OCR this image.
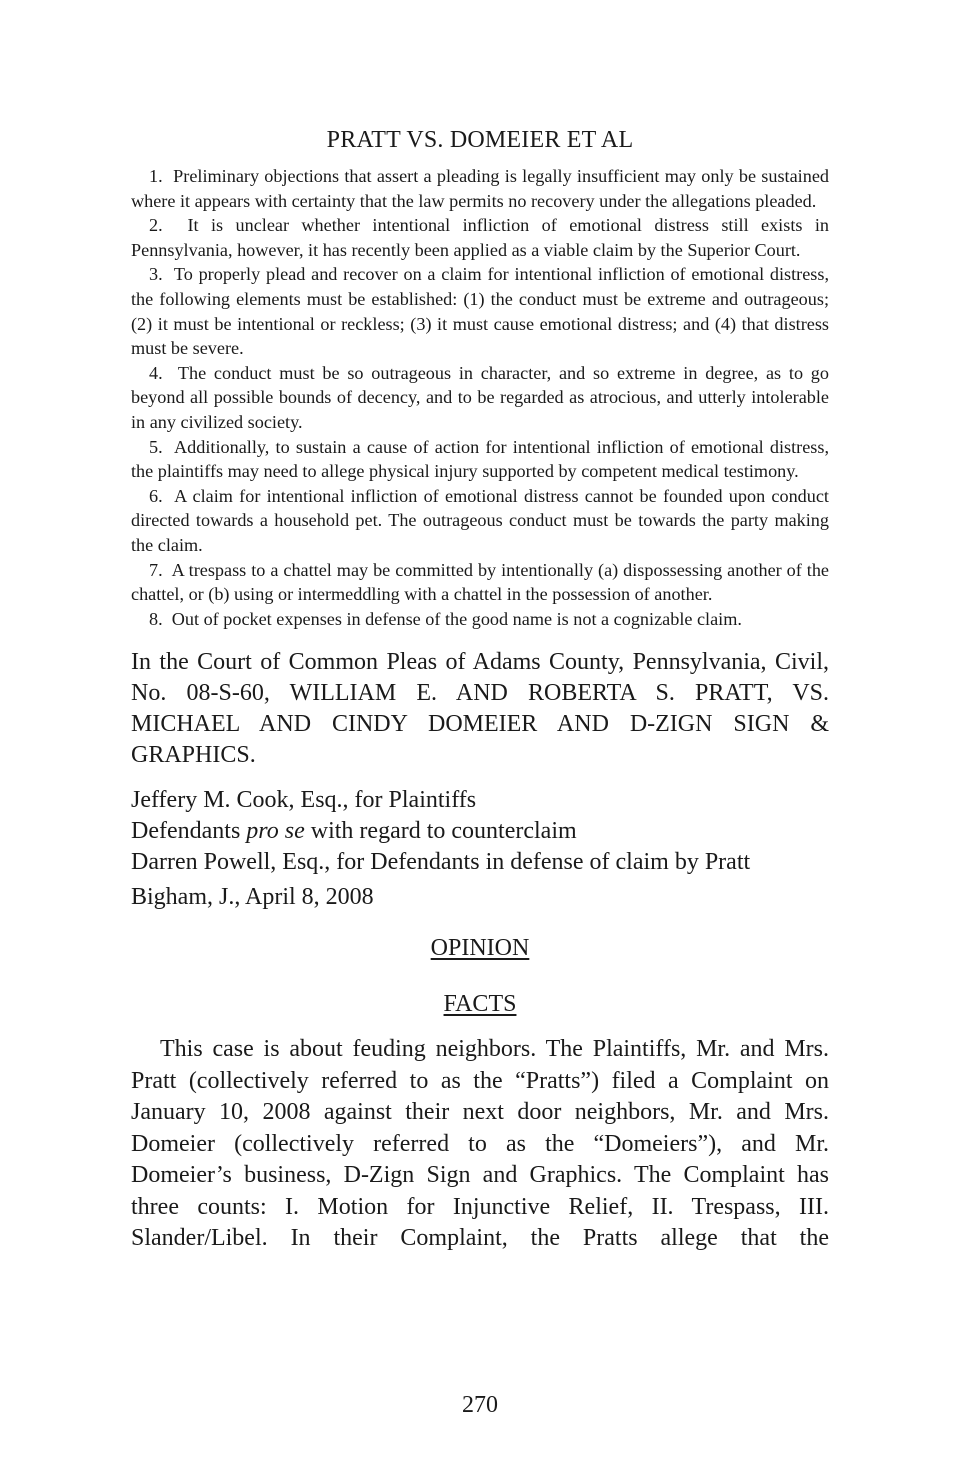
PRATT VS. DOMEIER ET AL

1. Preliminary objections that assert a pleading is legally insufficient may only be sustained where it appears with certainty that the law permits no recovery under the allegations pleaded.

2. It is unclear whether intentional infliction of emotional distress still exists in Pennsylvania, however, it has recently been applied as a viable claim by the Superior Court.

3. To properly plead and recover on a claim for intentional infliction of emotional distress, the following elements must be established: (1) the conduct must be extreme and outrageous; (2) it must be intentional or reckless; (3) it must cause emotional distress; and (4) that distress must be severe.

4. The conduct must be so outrageous in character, and so extreme in degree, as to go beyond all possible bounds of decency, and to be regarded as atrocious, and utterly intolerable in any civilized society.

5. Additionally, to sustain a cause of action for intentional infliction of emotional distress, the plaintiffs may need to allege physical injury supported by competent medical testimony.

6. A claim for intentional infliction of emotional distress cannot be founded upon conduct directed towards a household pet. The outrageous conduct must be towards the party making the claim.

7. A trespass to a chattel may be committed by intentionally (a) dispossessing another of the chattel, or (b) using or intermeddling with a chattel in the possession of another.

8. Out of pocket expenses in defense of the good name is not a cognizable claim.

In the Court of Common Pleas of Adams County, Pennsylvania, Civil, No. 08-S-60, WILLIAM E. AND ROBERTA S. PRATT, VS. MICHAEL AND CINDY DOMEIER AND D-ZIGN SIGN & GRAPHICS.

Jeffery M. Cook, Esq., for Plaintiffs
Defendants pro se with regard to counterclaim
Darren Powell, Esq., for Defendants in defense of claim by Pratt
Bigham, J., April 8, 2008
OPINION
FACTS

This case is about feuding neighbors. The Plaintiffs, Mr. and Mrs. Pratt (collectively referred to as the “Pratts”) filed a Complaint on January 10, 2008 against their next door neighbors, Mr. and Mrs. Domeier (collectively referred to as the “Domeiers”), and Mr. Domeier’s business, D-Zign Sign and Graphics. The Complaint has three counts: I. Motion for Injunctive Relief, II. Trespass, III. Slander/Libel. In their Complaint, the Pratts allege that the

270
